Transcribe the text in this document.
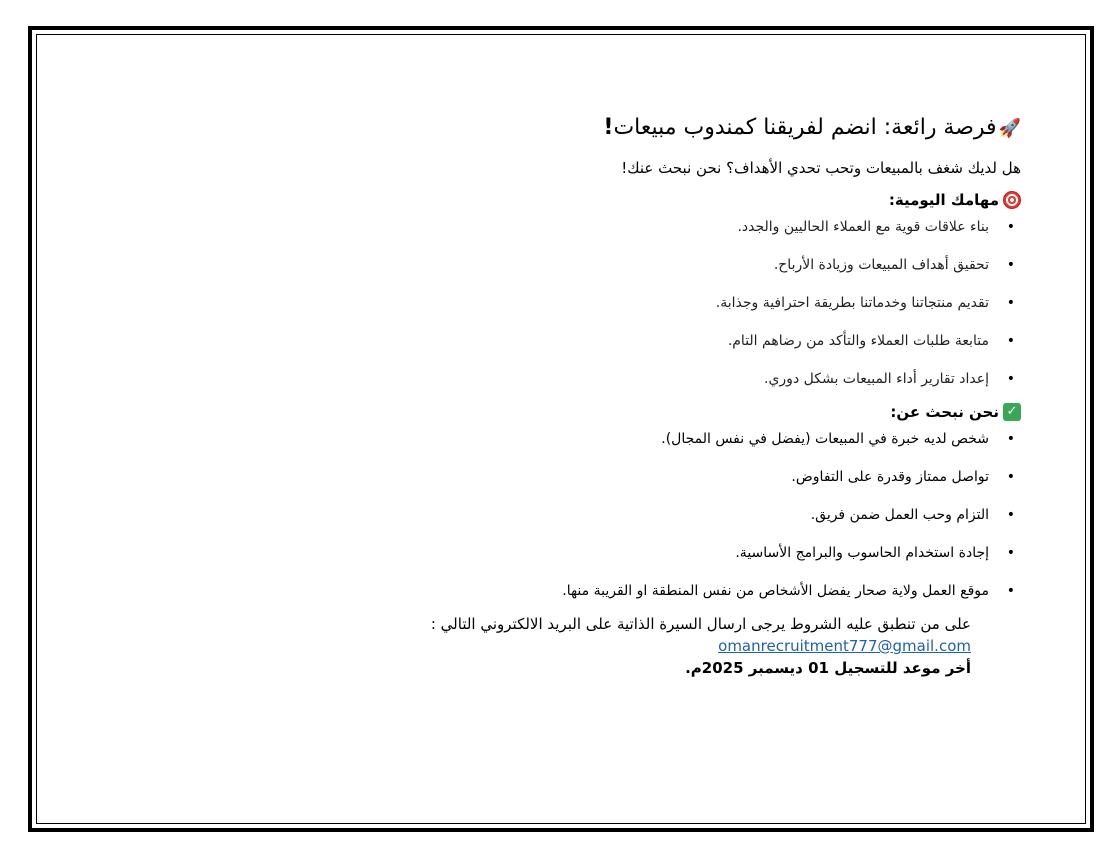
🚀فرصة رائعة: انضم لفريقنا كمندوب مبيعات!

هل لديك شغف بالمبيعات وتحب تحدي الأهداف؟ نحن نبحث عنك!

مهامك اليومية:
• بناء علاقات قوية مع العملاء الحاليين والجدد.
• تحقيق أهداف المبيعات وزيادة الأرباح.
• تقديم منتجاتنا وخدماتنا بطريقة احترافية وجذابة.
• متابعة طلبات العملاء والتأكد من رضاهم التام.
• إعداد تقارير أداء المبيعات بشكل دوري.
✓
نحن نبحث عن:
• شخص لديه خبرة في المبيعات (يفضل في نفس المجال).
• تواصل ممتاز وقدرة على التفاوض.
• التزام وحب العمل ضمن فريق.
• إجادة استخدام الحاسوب والبرامج الأساسية.
• موقع العمل ولاية صحار يفضل الأشخاص من نفس المنطقة او القريبة منها.

على من تنطبق عليه الشروط يرجى ارسال السيرة الذاتية على البريد الالكتروني التالي :

omanrecruitment777@gmail.com

أخر موعد للتسجيل 01 ديسمبر 2025م.
